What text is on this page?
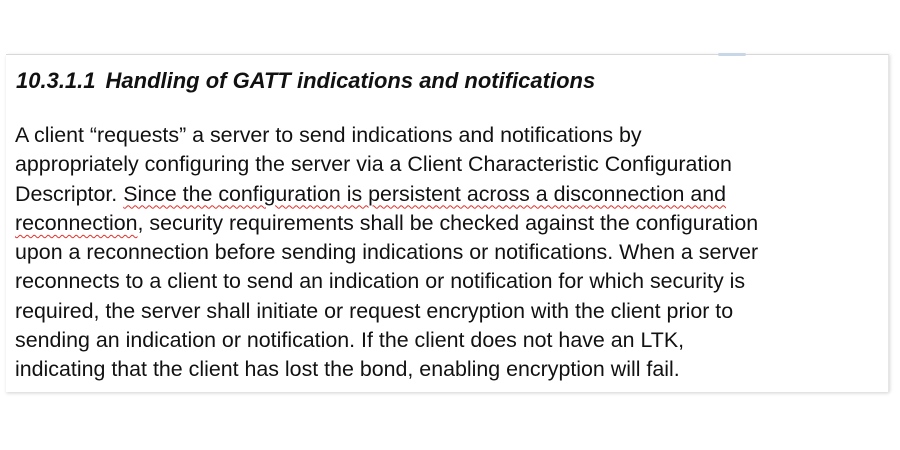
10.3.1.1 Handling of GATT indications and notifications
A client “requests” a server to send indications and notifications by
appropriately configuring the server via a Client Characteristic Configuration
Descriptor. Since the configuration is persistent across a disconnection and
reconnection, security requirements shall be checked against the configuration
upon a reconnection before sending indications or notifications. When a server
reconnects to a client to send an indication or notification for which security is
required, the server shall initiate or request encryption with the client prior to
sending an indication or notification. If the client does not have an LTK,
indicating that the client has lost the bond, enabling encryption will fail.
